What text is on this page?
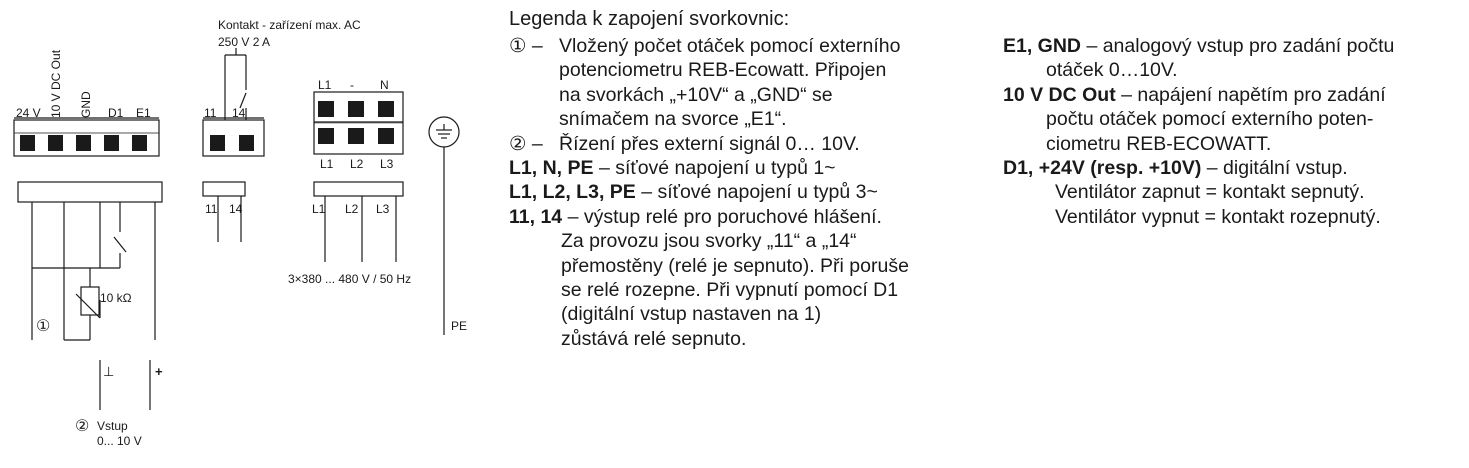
Kontakt - zařízení max. AC
250 V 2 A
24 V 10 V DC Out GND D1 E1	11 14
L1 - N
L1 L2 L3
11 14	L1 L2 L3
3×380 ... 480 V / 50 Hz
PE
10 kΩ
①
⊥	+
② Vstup
0... 10 V
Legenda k zapojení svorkovnic:
① – Vložený počet otáček pomocí externího
potenciometru REB-Ecowatt. Připojen
na svorkách „+10V“ a „GND“ se
snímačem na svorce „E1“.
② – Řízení přes externí signál 0… 10V.
L1, N, PE
– síťové napojení u typů 1~
L1, L2, L3, PE
– síťové napojení u typů 3~
11, 14
– výstup relé pro poruchové hlášení.
Za provozu jsou svorky „11“ a „14“
přemostěny (relé je sepnuto). Při poruše
se relé rozepne. Při vypnutí pomocí D1
(digitální vstup nastaven na 1)
zůstává relé sepnuto.
E1, GND
– analogový vstup pro zadání počtu
otáček 0…10V.
10 V DC Out
– napájení napětím pro zadání
počtu otáček pomocí externího poten-
ciometru REB-ECOWATT.
D1, +24V (resp. +10V)
– digitální vstup.
Ventilátor zapnut = kontakt sepnutý.
Ventilátor vypnut = kontakt rozepnutý.
